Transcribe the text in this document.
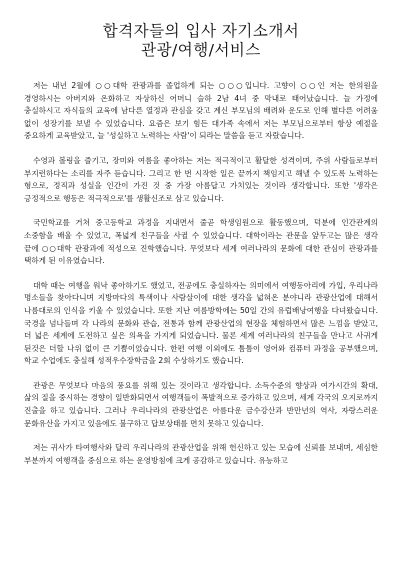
합격자들의 입사 자기소개서
관광/여행/서비스

저는 내년 2월에 ○○대학 관광과를 졸업하게 되는 ○○○입니다. 고향이 ○○인 저는 한의원을 경영하시는 아버지와 온화하고 자상하신 어머니 슬하 2남 4녀 중 막내로 태어났습니다. 늘 가정에 충실하시고 자식들의 교육에 남다른 열정과 관심을 갖고 계신 부모님의 배려와 운도로 인해 별다른 어려움 없이 성장기를 보낼 수 있었습니다. 요즘은 보기 힘든 대가족 속에서 저는 부모님으로부터 항상 예절을 중요하게 교육받았고, 늘 '성실하고 노력하는 사람'이 되라는 말씀을 듣고 자랐습니다.

수영과 볼링을 즐기고, 장미와 여름을 좋아하는 저는 적극적이고 활달한 성격이며, 주위 사람들로부터 부지런하다는 소리를 자주 듣습니다. 그리고 한 번 시작한 일은 끝까지 책임지고 해낼 수 있도록 노력하는 형으로, 정직과 성실을 인간이 가진 것 중 가장 아름답고 가치있는 것이라 생각합니다. 또한 '생각은 긍정적으로 행동은 적극적으로'를 생활신조로 삼고 있습니다.

국민학교를 거쳐 중고등학교 과정을 지내면서 줄곧 학생임원으로 활동했으며, 덕분에 인간관계의 소중함을 배울 수 있었고, 폭넓게 친구들을 사귈 수 있었습니다. 대학이라는 관문을 앞두고는 많은 생각 끝에 ○○대학 관광과에 적성으로 진학했습니다. 무엇보다 세계 여러나라의 문화에 대한 관심이 관광과를 택하게 된 이유였습니다.

대학 때는 여행을 워낙 좋아하기도 했었고, 전공에도 충실하자는 의미에서 여행동아리에 가입, 우리나라 명소들을 찾아다니며 지방마다의 특색이나 사람살이에 대한 생각을 넓혀온 분야니라 관광산업에 대해서 나름대로의 인식을 키울 수 있었습니다. 또한 지난 여름방학에는 50일 간의 유럽배낭여행을 다녀왔습니다. 국경을 넘나들며 각 나라의 문화와 관습, 전통과 함께 관광산업의 현장을 체험하면서 많은 느낌을 받았고, 더 넓은 세계에 도전하고 싶은 의욕을 가지게 되었습니다. 물론 세계 여러나라의 친구들을 만나고 사귀게 된것은 더할 나위 없이 큰 기쁨이었습니다. 한편 여행 이외에도 틈틈이 영어와 컴퓨터 과정을 공부했으며, 학교 수업에도 충실해 성적우수장학금을 2회 수상하기도 했습니다.

관광은 무엇보다 마음의 풍요를 위해 있는 것이라고 생각합니다. 소득수준의 향상과 여가시간의 확대, 삶의 질을 중시하는 경향이 일반화되면서 여행객들이 폭발적으로 증가하고 있으며, 세계 각국의 오지로까지 진출을 하고 있습니다. 그러나 우리나라의 관광산업은 아름다운 금수강산과 반만년의 역사, 자랑스러운 문화유산을 가지고 있음에도 불구하고 답보상태를 면치 못하고 있습니다.

저는 귀사가 타여행사와 달리 우리나라의 관광산업을 위해 헌신하고 있는 모습에 신뢰를 보내며, 세심한 부분까지 여행객을 중심으로 하는 운영방침에 크게 공감하고 있습니다. 유능하고
